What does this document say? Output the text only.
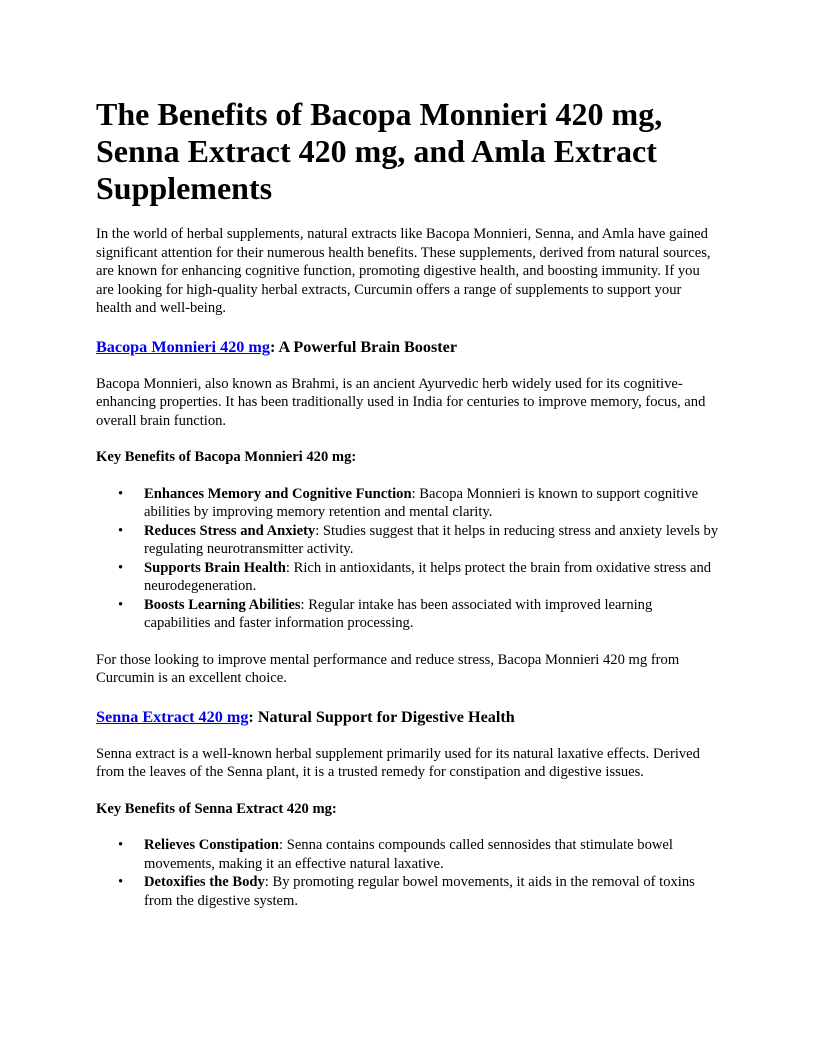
The Benefits of Bacopa Monnieri 420 mg, Senna Extract 420 mg, and Amla Extract Supplements

In the world of herbal supplements, natural extracts like Bacopa Monnieri, Senna, and Amla have gained significant attention for their numerous health benefits. These supplements, derived from natural sources, are known for enhancing cognitive function, promoting digestive health, and boosting immunity. If you are looking for high-quality herbal extracts, Curcumin offers a range of supplements to support your health and well-being.

Bacopa Monnieri 420 mg: A Powerful Brain Booster

Bacopa Monnieri, also known as Brahmi, is an ancient Ayurvedic herb widely used for its cognitive-enhancing properties. It has been traditionally used in India for centuries to improve memory, focus, and overall brain function.

Key Benefits of Bacopa Monnieri 420 mg:

• Enhances Memory and Cognitive Function: Bacopa Monnieri is known to support cognitive abilities by improving memory retention and mental clarity.
• Reduces Stress and Anxiety: Studies suggest that it helps in reducing stress and anxiety levels by regulating neurotransmitter activity.
• Supports Brain Health: Rich in antioxidants, it helps protect the brain from oxidative stress and neurodegeneration.
• Boosts Learning Abilities: Regular intake has been associated with improved learning capabilities and faster information processing.

For those looking to improve mental performance and reduce stress, Bacopa Monnieri 420 mg from Curcumin is an excellent choice.

Senna Extract 420 mg: Natural Support for Digestive Health

Senna extract is a well-known herbal supplement primarily used for its natural laxative effects. Derived from the leaves of the Senna plant, it is a trusted remedy for constipation and digestive issues.

Key Benefits of Senna Extract 420 mg:

• Relieves Constipation: Senna contains compounds called sennosides that stimulate bowel movements, making it an effective natural laxative.
• Detoxifies the Body: By promoting regular bowel movements, it aids in the removal of toxins from the digestive system.
